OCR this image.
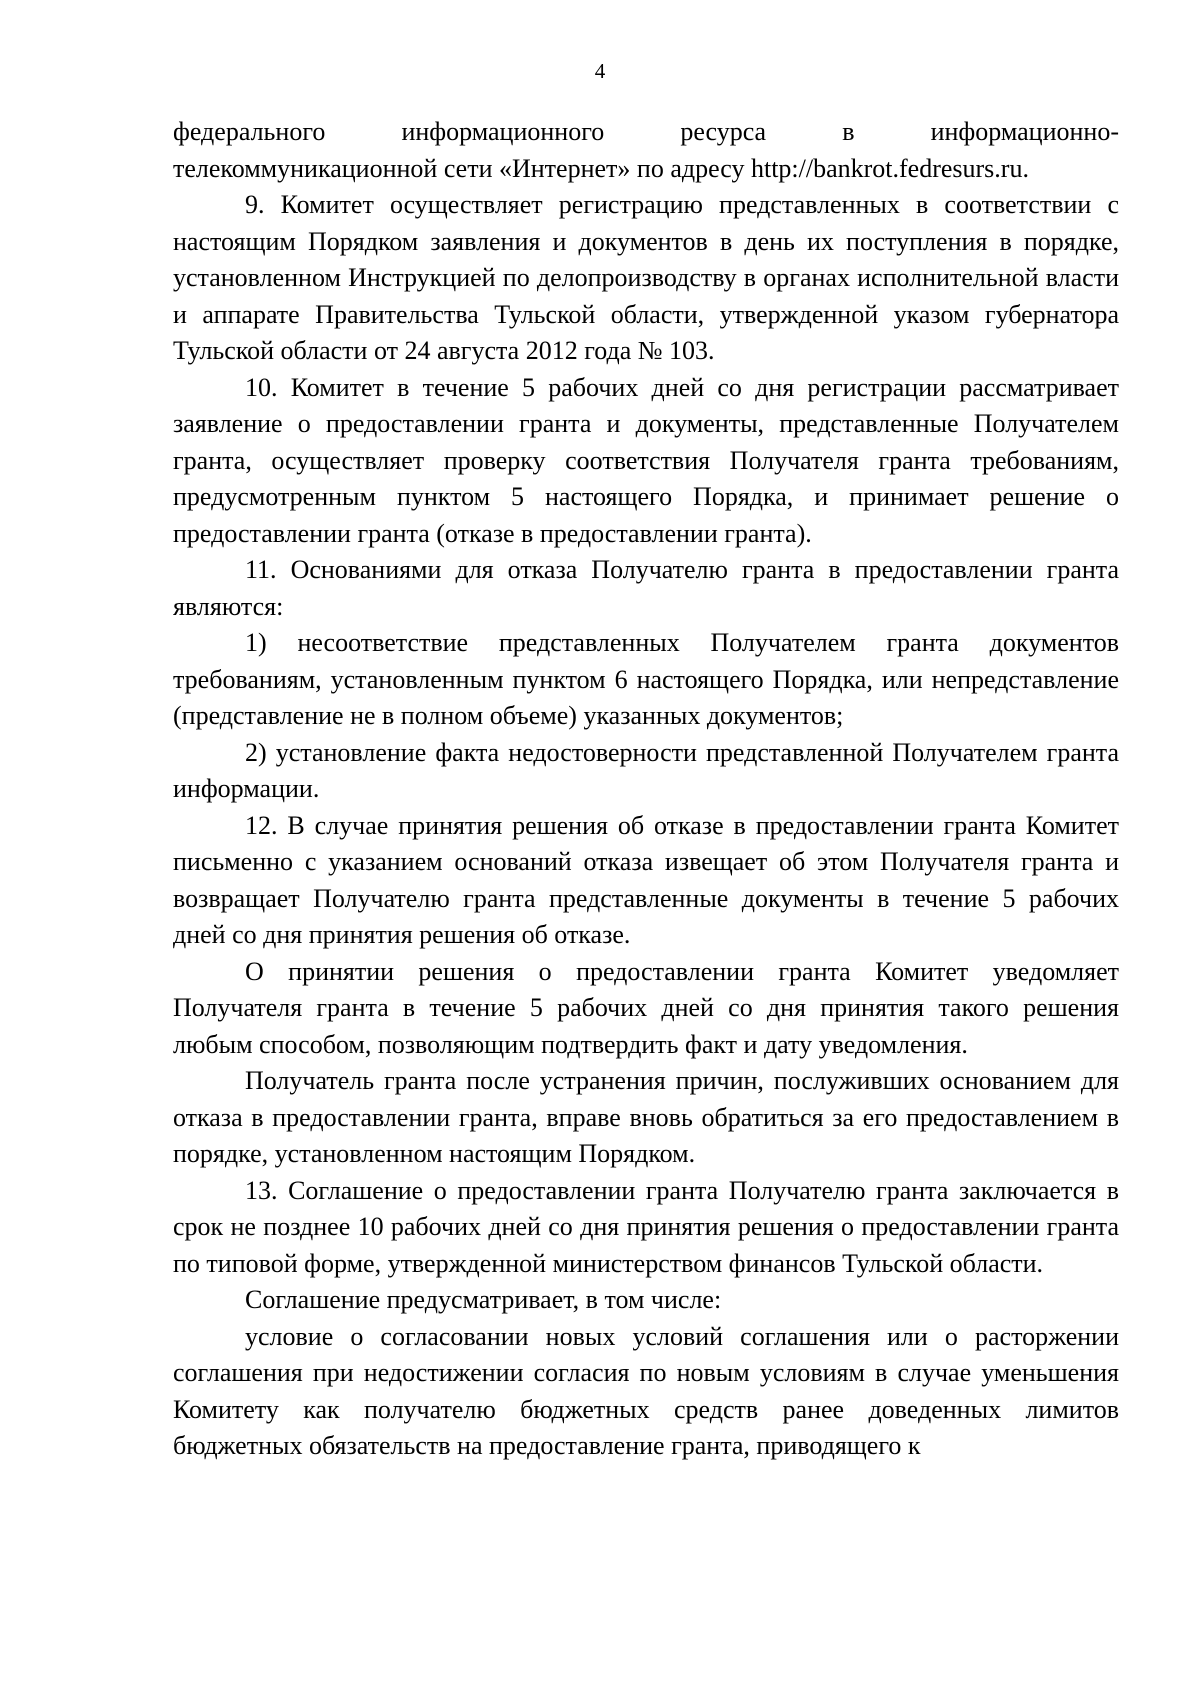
4

федерального информационного ресурса в информационно-
телекоммуникационной сети «Интернет» по адресу http://bankrot.fedresurs.ru.

9. Комитет осуществляет регистрацию представленных в соответствии с настоящим Порядком заявления и документов в день их поступления в порядке, установленном Инструкцией по делопроизводству в органах исполнительной власти и аппарате Правительства Тульской области, утвержденной указом губернатора Тульской области от 24 августа 2012 года № 103.

10. Комитет в течение 5 рабочих дней со дня регистрации рассматривает заявление о предоставлении гранта и документы, представленные Получателем гранта, осуществляет проверку соответствия Получателя гранта требованиям, предусмотренным пунктом 5 настоящего Порядка, и принимает решение о предоставлении гранта (отказе в предоставлении гранта).

11. Основаниями для отказа Получателю гранта в предоставлении гранта являются:

1) несоответствие представленных Получателем гранта документов требованиям, установленным пунктом 6 настоящего Порядка, или непредставление (представление не в полном объеме) указанных документов;

2) установление факта недостоверности представленной Получателем гранта информации.

12. В случае принятия решения об отказе в предоставлении гранта Комитет письменно с указанием оснований отказа извещает об этом Получателя гранта и возвращает Получателю гранта представленные документы в течение 5 рабочих дней со дня принятия решения об отказе.

О принятии решения о предоставлении гранта Комитет уведомляет Получателя гранта в течение 5 рабочих дней со дня принятия такого решения любым способом, позволяющим подтвердить факт и дату уведомления.

Получатель гранта после устранения причин, послуживших основанием для отказа в предоставлении гранта, вправе вновь обратиться за его предоставлением в порядке, установленном настоящим Порядком.

13. Соглашение о предоставлении гранта Получателю гранта заключается в срок не позднее 10 рабочих дней со дня принятия решения о предоставлении гранта по типовой форме, утвержденной министерством финансов Тульской области.

Соглашение предусматривает, в том числе:

условие о согласовании новых условий соглашения или о расторжении соглашения при недостижении согласия по новым условиям в случае уменьшения Комитету как получателю бюджетных средств ранее доведенных лимитов бюджетных обязательств на предоставление гранта, приводящего к
